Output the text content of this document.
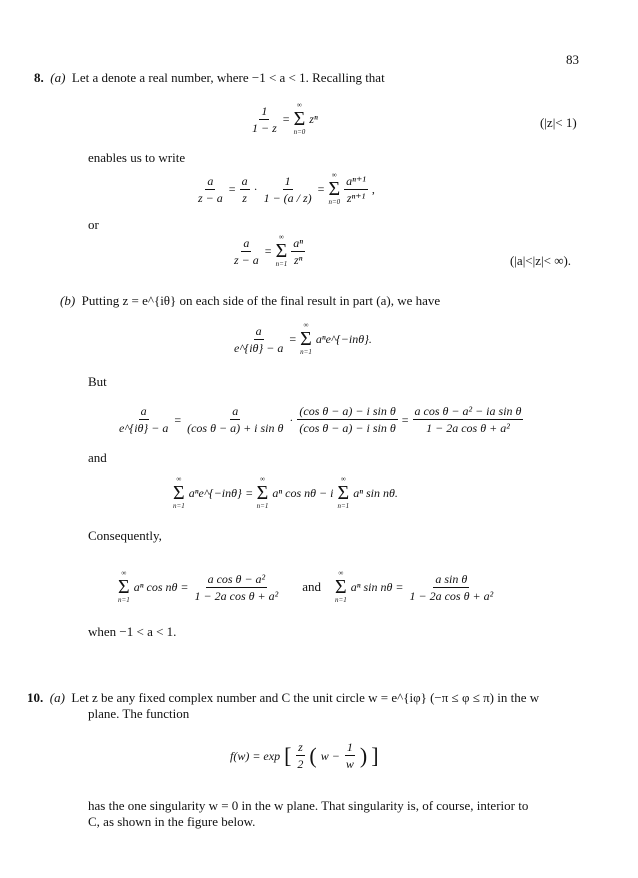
83
8. (a) Let a denote a real number, where −1 < a < 1. Recalling that
$\frac{1}{1 - z}$ =
∞
Σ
n=0
zⁿ	(|z|< 1)
enables us to write
$\frac{a}{z - a} = \frac{a}{z} \cdot \frac{1}{1 - (a / z)}$ =
∞
Σ
$n=0 \frac{\text{aⁿ⁺¹}}{\text{zⁿ⁺¹}}$ ,
or
$\frac{a}{z - a}$ =
∞
Σ
$n=1 \frac{\text{aⁿ}}{\text{zⁿ}}$	(|a|<|z|< ∞).
(b) Putting z = e^{iθ} on each side of the final result in part (a), we have
$\frac{a}{e\^{}\{i\theta\} - a}$ =
∞
Σ
n=1
aⁿe^{−inθ}.
But
$\frac{a}{e\^{}\{i\theta\} - a} = \frac{a}{\text{(cos θ − a) + i sin θ}} \cdot \frac{\text{(cos θ − a) − i sin θ}}{\text{(cos θ − a) − i sin θ}} = \frac{\text{a cos θ − a² − ia sin θ}}{\text{1 − 2a cos θ + a²}}$
and
∞
Σ
n=1
aⁿe^{−inθ} =
∞
Σ
n=1
aⁿ cos nθ − i
∞
Σ
n=1
aⁿ sin nθ.
Consequently,
∞
Σ
n=1
aⁿ $\cos n\theta = \frac{\text{a cos θ − a²}}{\text{1 − 2a cos θ + a²}}$ and
∞
Σ
n=1
aⁿ $\sin n\theta = \frac{\text{a sin θ}}{\text{1 − 2a cos θ + a²}}$
when −1 < a < 1.
10. (a) Let z be any fixed complex number and C the unit circle w = e^{iφ} (−π ≤ φ ≤ π) in the w
plane. The function
f(w) = exp [ $\frac{z}{2}$ ( $w - \frac{1}{w}$ ) ]
has the one singularity w = 0 in the w plane. That singularity is, of course, interior to
C, as shown in the figure below.
